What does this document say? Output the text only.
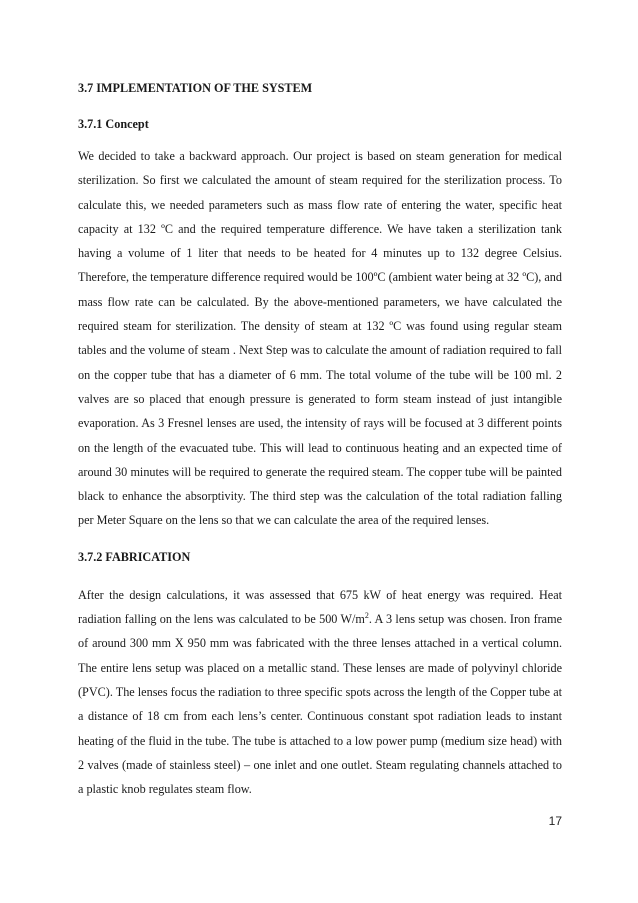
3.7 IMPLEMENTATION OF THE SYSTEM

3.7.1 Concept

We decided to take a backward approach. Our project is based on steam generation for medical sterilization. So first we calculated the amount of steam required for the sterilization process. To calculate this, we needed parameters such as mass flow rate of entering the water, specific heat capacity at 132 ºC and the required temperature difference. We have taken a sterilization tank having a volume of 1 liter that needs to be heated for 4 minutes up to 132 degree Celsius. Therefore, the temperature difference required would be 100ºC (ambient water being at 32 ºC), and mass flow rate can be calculated. By the above-mentioned parameters, we have calculated the required steam for sterilization. The density of steam at 132 ºC was found using regular steam tables and the volume of steam . Next Step was to calculate the amount of radiation required to fall on the copper tube that has a diameter of 6 mm. The total volume of the tube will be 100 ml. 2 valves are so placed that enough pressure is generated to form steam instead of just intangible evaporation. As 3 Fresnel lenses are used, the intensity of rays will be focused at 3 different points on the length of the evacuated tube. This will lead to continuous heating and an expected time of around 30 minutes will be required to generate the required steam. The copper tube will be painted black to enhance the absorptivity. The third step was the calculation of the total radiation falling per Meter Square on the lens so that we can calculate the area of the required lenses.

3.7.2 FABRICATION

After the design calculations, it was assessed that 675 kW of heat energy was required. Heat radiation falling on the lens was calculated to be 500 $W/m^2$. A 3 lens setup was chosen. Iron frame of around 300 mm X 950 mm was fabricated with the three lenses attached in a vertical column. The entire lens setup was placed on a metallic stand. These lenses are made of polyvinyl chloride (PVC). The lenses focus the radiation to three specific spots across the length of the Copper tube at a distance of 18 cm from each lens’s center. Continuous constant spot radiation leads to instant heating of the fluid in the tube. The tube is attached to a low power pump (medium size head) with 2 valves (made of stainless steel) – one inlet and one outlet. Steam regulating channels attached to a plastic knob regulates steam flow.

17
